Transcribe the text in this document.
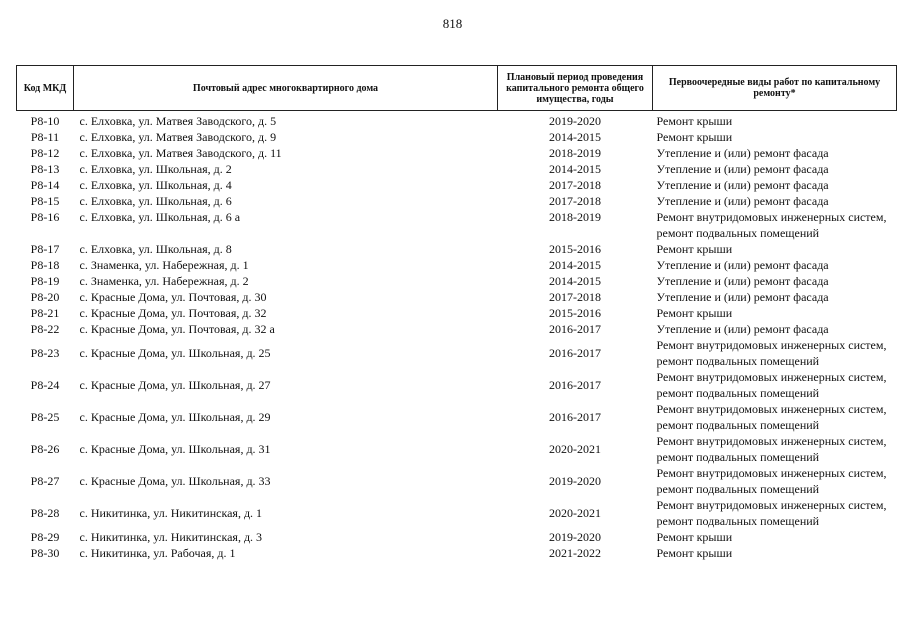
818
Код МКД	Почтовый адрес многоквартирного дома	Плановый период проведения капитального ремонта общего имущества, годы	Первоочередные виды работ по капитальному ремонту*
Р8-10	с. Елховка, ул. Матвея Заводского, д. 5	2019-2020	Ремонт крыши

Р8-11	с. Елховка, ул. Матвея Заводского, д. 9	2014-2015	Ремонт крыши

Р8-12	с. Елховка, ул. Матвея Заводского, д. 11	2018-2019	Утепление и (или) ремонт фасада

Р8-13	с. Елховка, ул. Школьная, д. 2	2014-2015	Утепление и (или) ремонт фасада

Р8-14	с. Елховка, ул. Школьная, д. 4	2017-2018	Утепление и (или) ремонт фасада

Р8-15	с. Елховка, ул. Школьная, д. 6	2017-2018	Утепление и (или) ремонт фасада

Р8-16	с. Елховка, ул. Школьная, д. 6 а	2018-2019	Ремонт внутридомовых инженерных систем,
ремонт подвальных помещений

Р8-17	с. Елховка, ул. Школьная, д. 8	2015-2016	Ремонт крыши

Р8-18	с. Знаменка, ул. Набережная, д. 1	2014-2015	Утепление и (или) ремонт фасада

Р8-19	с. Знаменка, ул. Набережная, д. 2	2014-2015	Утепление и (или) ремонт фасада

Р8-20	с. Красные Дома, ул. Почтовая, д. 30	2017-2018	Утепление и (или) ремонт фасада

Р8-21	с. Красные Дома, ул. Почтовая, д. 32	2015-2016	Ремонт крыши

Р8-22	с. Красные Дома, ул. Почтовая, д. 32 а	2016-2017	Утепление и (или) ремонт фасада

Р8-23	с. Красные Дома, ул. Школьная, д. 25	2016-2017	Ремонт внутридомовых инженерных систем,
ремонт подвальных помещений

Р8-24	с. Красные Дома, ул. Школьная, д. 27	2016-2017	Ремонт внутридомовых инженерных систем,
ремонт подвальных помещений

Р8-25	с. Красные Дома, ул. Школьная, д. 29	2016-2017	Ремонт внутридомовых инженерных систем,
ремонт подвальных помещений

Р8-26	с. Красные Дома, ул. Школьная, д. 31	2020-2021	Ремонт внутридомовых инженерных систем,
ремонт подвальных помещений

Р8-27	с. Красные Дома, ул. Школьная, д. 33	2019-2020	Ремонт внутридомовых инженерных систем,
ремонт подвальных помещений

Р8-28	с. Никитинка, ул. Никитинская, д. 1	2020-2021	Ремонт внутридомовых инженерных систем,
ремонт подвальных помещений

Р8-29	с. Никитинка, ул. Никитинская, д. 3	2019-2020	Ремонт крыши

Р8-30	с. Никитинка, ул. Рабочая, д. 1	2021-2022	Ремонт крыши
